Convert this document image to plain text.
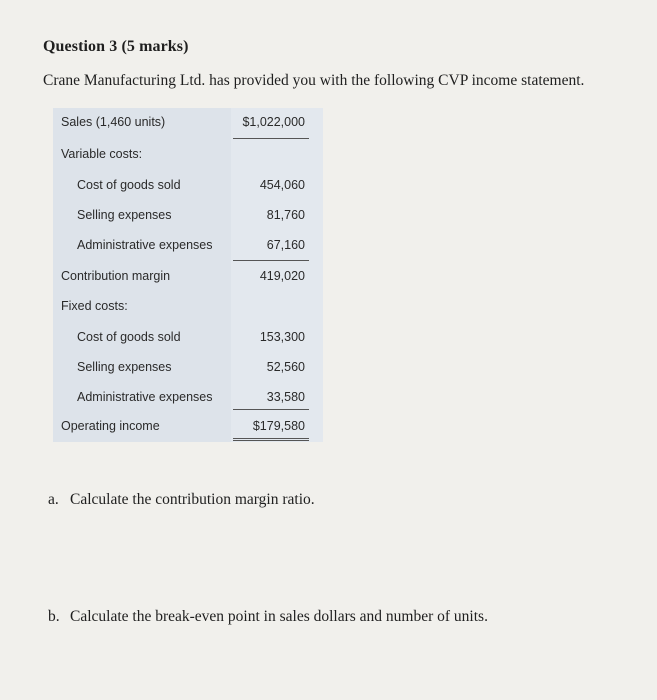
Question 3 (5 marks)
Crane Manufacturing Ltd. has provided you with the following CVP income statement.
Sales (1,460 units)	$1,022,000
Variable costs:
Cost of goods sold	454,060
Selling expenses	81,760
Administrative expenses	67,160
Contribution margin	419,020
Fixed costs:
Cost of goods sold	153,300
Selling expenses	52,560
Administrative expenses	33,580
Operating income	$179,580
a. Calculate the contribution margin ratio.
b. Calculate the break-even point in sales dollars and number of units.
